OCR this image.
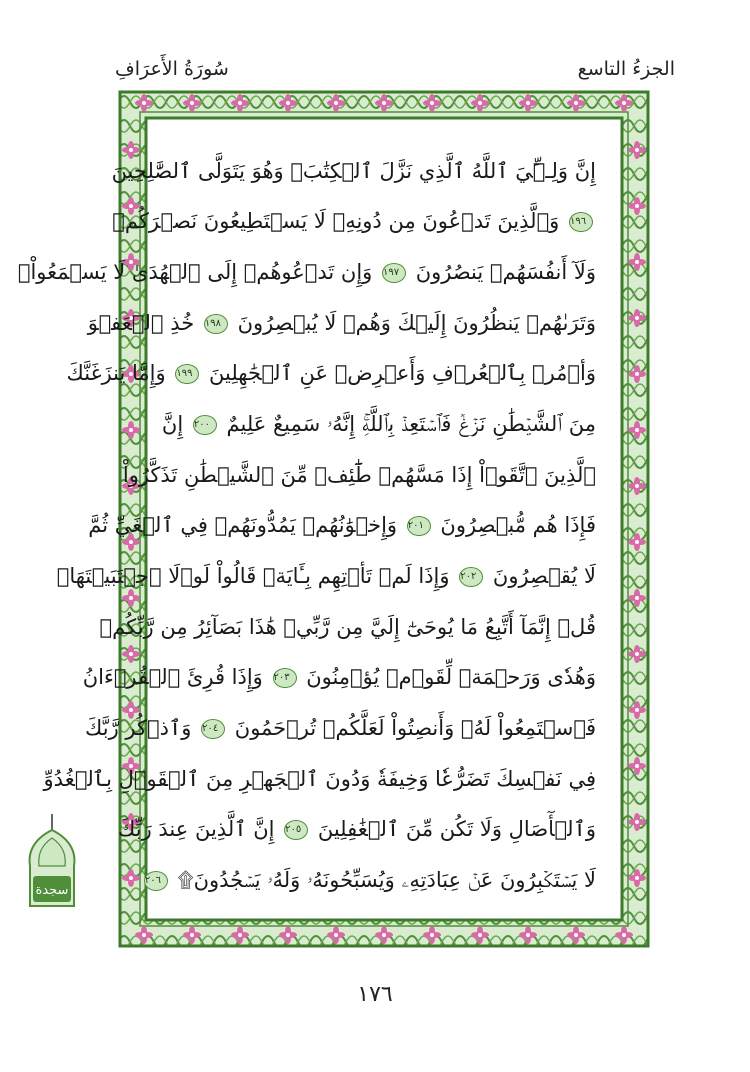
سُورَةُ الأَعرَافِ	الجزءُ التاسع
إِنَّ وَلِـِّۧيَ ٱللَّهُ ٱلَّذِي نَزَّلَ ٱلۡكِتَٰبَۖ وَهُوَ يَتَوَلَّى ٱلصَّٰلِحِينَ
١٩٦ وَٱلَّذِينَ تَدۡعُونَ مِن دُونِهِۦ لَا يَسۡتَطِيعُونَ نَصۡرَكُمۡ
وَلَآ أَنفُسَهُمۡ يَنصُرُونَ ١٩٧ وَإِن تَدۡعُوهُمۡ إِلَى ٱلۡهُدَىٰ لَا يَسۡمَعُواْۖ
وَتَرَىٰهُمۡ يَنظُرُونَ إِلَيۡكَ وَهُمۡ لَا يُبۡصِرُونَ ١٩٨ خُذِ ٱلۡعَفۡوَ
وَأۡمُرۡ بِٱلۡعُرۡفِ وَأَعۡرِضۡ عَنِ ٱلۡجَٰهِلِينَ ١٩٩ وَإِمَّا يَنزَغَنَّكَ
مِنَ ٱلشَّيۡطَٰنِ نَزۡغٞ فَٱسۡتَعِذۡ بِٱللَّهِۚ إِنَّهُۥ سَمِيعٌ عَلِيمٌ ٢٠٠ إِنَّ
ٱلَّذِينَ ٱتَّقَوۡاْ إِذَا مَسَّهُمۡ طَٰٓئِفٞ مِّنَ ٱلشَّيۡطَٰنِ تَذَكَّرُواْ
فَإِذَا هُم مُّبۡصِرُونَ ٢٠١ وَإِخۡوَٰنُهُمۡ يَمُدُّونَهُمۡ فِي ٱلۡغَيِّ ثُمَّ
لَا يُقۡصِرُونَ ٢٠٢ وَإِذَا لَمۡ تَأۡتِهِم بِـَٔايَةٖ قَالُواْ لَوۡلَا ٱجۡتَبَيۡتَهَاۚ
قُلۡ إِنَّمَآ أَتَّبِعُ مَا يُوحَىٰٓ إِلَيَّ مِن رَّبِّيۚ هَٰذَا بَصَآئِرُ مِن رَّبِّكُمۡ
وَهُدٗى وَرَحۡمَةٞ لِّقَوۡمٖ يُؤۡمِنُونَ ٢٠٣ وَإِذَا قُرِئَ ٱلۡقُرۡءَانُ
فَٱسۡتَمِعُواْ لَهُۥ وَأَنصِتُواْ لَعَلَّكُمۡ تُرۡحَمُونَ ٢٠٤ وَٱذۡكُر رَّبَّكَ
فِي نَفۡسِكَ تَضَرُّعٗا وَخِيفَةٗ وَدُونَ ٱلۡجَهۡرِ مِنَ ٱلۡقَوۡلِ بِٱلۡغُدُوِّ
وَٱلۡأٓصَالِ وَلَا تَكُن مِّنَ ٱلۡغَٰفِلِينَ ٢٠٥ إِنَّ ٱلَّذِينَ عِندَ رَبِّكَ
لَا يَسۡتَكۡبِرُونَ عَنۡ عِبَادَتِهِۦ وَيُسَبِّحُونَهُۥ وَلَهُۥ يَسۡجُدُونَ۩ ٢٠٦
سجدة
١٧٦
